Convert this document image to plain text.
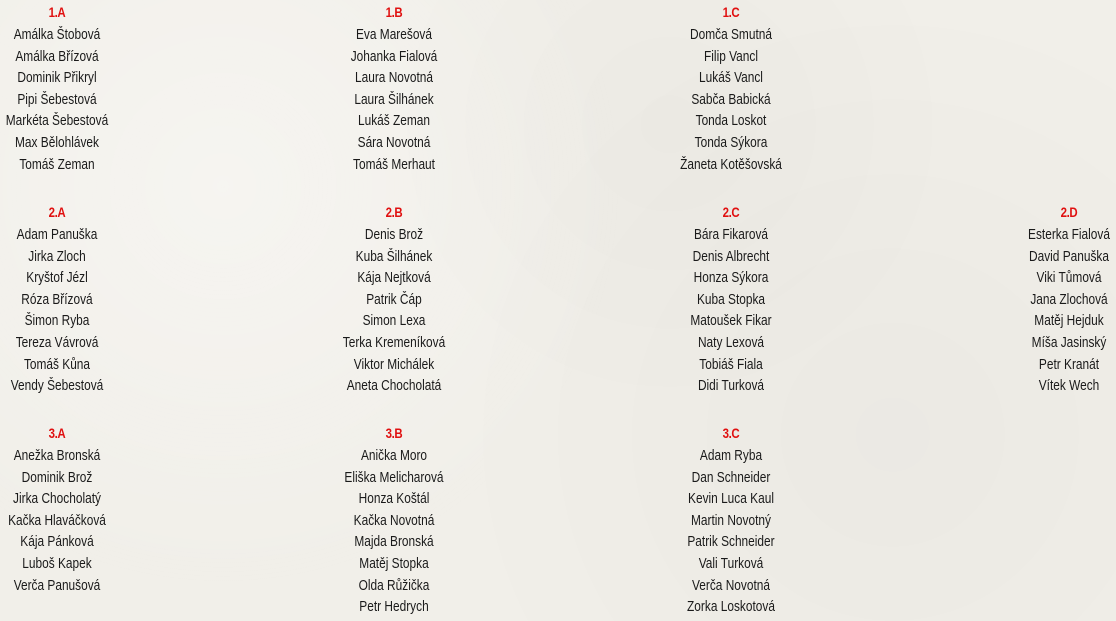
1.A
Amálka Štobová
Amálka Břízová
Dominik Přikryl
Pipi Šebestová
Markéta Šebestová
Max Bělohlávek
Tomáš Zeman
1.B
Eva Marešová
Johanka Fialová
Laura Novotná
Laura Šilhánek
Lukáš Zeman
Sára Novotná
Tomáš Merhaut
1.C
Domča Smutná
Filip Vancl
Lukáš Vancl
Sabča Babická
Tonda Loskot
Tonda Sýkora
Žaneta Kotěšovská
2.A
Adam Panuška
Jirka Zloch
Kryštof Jézl
Róza Břízová
Šimon Ryba
Tereza Vávrová
Tomáš Kůna
Vendy Šebestová
2.B
Denis Brož
Kuba Šilhánek
Kája Nejtková
Patrik Čáp
Simon Lexa
Terka Kremeníková
Viktor Michálek
Aneta Chocholatá
2.C
Bára Fikarová
Denis Albrecht
Honza Sýkora
Kuba Stopka
Matoušek Fikar
Naty Lexová
Tobiáš Fiala
Didi Turková
2.D
Esterka Fialová
David Panuška
Viki Tůmová
Jana Zlochová
Matěj Hejduk
Míša Jasinský
Petr Kranát
Vítek Wech
3.A
Anežka Bronská
Dominik Brož
Jirka Chocholatý
Kačka Hlaváčková
Kája Pánková
Luboš Kapek
Verča Panušová
3.B
Anička Moro
Eliška Melicharová
Honza Koštál
Kačka Novotná
Majda Bronská
Matěj Stopka
Olda Růžička
Petr Hedrych
3.C
Adam Ryba
Dan Schneider
Kevin Luca Kaul
Martin Novotný
Patrik Schneider
Vali Turková
Verča Novotná
Zorka Loskotová
